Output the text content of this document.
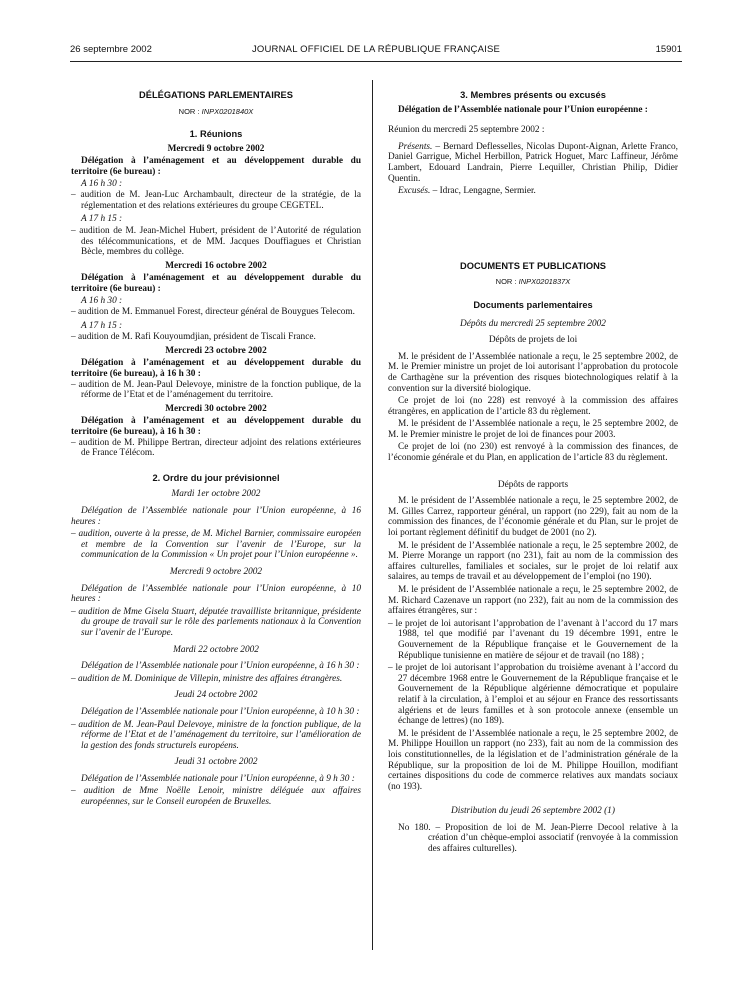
26 septembre 2002	JOURNAL OFFICIEL DE LA RÉPUBLIQUE FRANÇAISE	15901
DÉLÉGATIONS PARLEMENTAIRES
NOR : INPX0201840X
1. Réunions
Mercredi 9 octobre 2002

Délégation à l’aménagement et au développement durable du territoire (6e bureau) :

A 16 h 30 :

– audition de M. Jean-Luc Archambault, directeur de la stratégie, de la réglementation et des relations extérieures du groupe CEGETEL.

A 17 h 15 :

– audition de M. Jean-Michel Hubert, président de l’Autorité de régulation des télécommunications, et de MM. Jacques Douffiagues et Christian Bècle, membres du collège.

Mercredi 16 octobre 2002

Délégation à l’aménagement et au développement durable du territoire (6e bureau) :

A 16 h 30 :

– audition de M. Emmanuel Forest, directeur général de Bouygues Telecom.

A 17 h 15 :

– audition de M. Rafi Kouyoumdjian, président de Tiscali France.

Mercredi 23 octobre 2002

Délégation à l’aménagement et au développement durable du territoire (6e bureau), à 16 h 30 :

– audition de M. Jean-Paul Delevoye, ministre de la fonction publique, de la réforme de l’Etat et de l’aménagement du territoire.

Mercredi 30 octobre 2002

Délégation à l’aménagement et au développement durable du territoire (6e bureau), à 16 h 30 :

– audition de M. Philippe Bertran, directeur adjoint des relations extérieures de France Télécom.

2. Ordre du jour prévisionnel
Mardi 1er octobre 2002

Délégation de l’Assemblée nationale pour l’Union européenne, à 16 heures :

– audition, ouverte à la presse, de M. Michel Barnier, commissaire européen et membre de la Convention sur l’avenir de l’Europe, sur la communication de la Commission « Un projet pour l’Union européenne ».

Mercredi 9 octobre 2002

Délégation de l’Assemblée nationale pour l’Union européenne, à 10 heures :

– audition de Mme Gisela Stuart, députée travailliste britannique, présidente du groupe de travail sur le rôle des parlements nationaux à la Convention sur l’avenir de l’Europe.

Mardi 22 octobre 2002

Délégation de l’Assemblée nationale pour l’Union européenne, à 16 h 30 :

– audition de M. Dominique de Villepin, ministre des affaires étrangères.

Jeudi 24 octobre 2002

Délégation de l’Assemblée nationale pour l’Union européenne, à 10 h 30 :

– audition de M. Jean-Paul Delevoye, ministre de la fonction publique, de la réforme de l’Etat et de l’aménagement du territoire, sur l’amélioration de la gestion des fonds structurels européens.

Jeudi 31 octobre 2002

Délégation de l’Assemblée nationale pour l’Union européenne, à 9 h 30 :

– audition de Mme Noëlle Lenoir, ministre déléguée aux affaires européennes, sur le Conseil européen de Bruxelles.

3. Membres présents ou excusés

Délégation de l’Assemblée nationale pour l’Union européenne :

Réunion du mercredi 25 septembre 2002 :

Présents. – Bernard Deflesselles, Nicolas Dupont-Aignan, Arlette Franco, Daniel Garrigue, Michel Herbillon, Patrick Hoguet, Marc Laffineur, Jérôme Lambert, Edouard Landrain, Pierre Lequiller, Christian Philip, Didier Quentin.

Excusés. – Idrac, Lengagne, Sermier.

DOCUMENTS ET PUBLICATIONS
NOR : INPX0201837X
Documents parlementaires
Dépôts du mercredi 25 septembre 2002
Dépôts de projets de loi

M. le président de l’Assemblée nationale a reçu, le 25 septembre 2002, de M. le Premier ministre un projet de loi autorisant l’approbation du protocole de Carthagène sur la prévention des risques biotechnologiques relatif à la convention sur la diversité biologique.

Ce projet de loi (no 228) est renvoyé à la commission des affaires étrangères, en application de l’article 83 du règlement.

M. le président de l’Assemblée nationale a reçu, le 25 septembre 2002, de M. le Premier ministre le projet de loi de finances pour 2003.

Ce projet de loi (no 230) est renvoyé à la commission des finances, de l’économie générale et du Plan, en application de l’article 83 du règlement.

Dépôts de rapports

M. le président de l’Assemblée nationale a reçu, le 25 septembre 2002, de M. Gilles Carrez, rapporteur général, un rapport (no 229), fait au nom de la commission des finances, de l’économie générale et du Plan, sur le projet de loi portant règlement définitif du budget de 2001 (no 2).

M. le président de l’Assemblée nationale a reçu, le 25 septembre 2002, de M. Pierre Morange un rapport (no 231), fait au nom de la commission des affaires culturelles, familiales et sociales, sur le projet de loi relatif aux salaires, au temps de travail et au développement de l’emploi (no 190).

M. le président de l’Assemblée nationale a reçu, le 25 septembre 2002, de M. Richard Cazenave un rapport (no 232), fait au nom de la commission des affaires étrangères, sur :

– le projet de loi autorisant l’approbation de l’avenant à l’accord du 17 mars 1988, tel que modifié par l’avenant du 19 décembre 1991, entre le Gouvernement de la République française et le Gouvernement de la République tunisienne en matière de séjour et de travail (no 188) ;

– le projet de loi autorisant l’approbation du troisième avenant à l’accord du 27 décembre 1968 entre le Gouvernement de la République française et le Gouvernement de la République algérienne démocratique et populaire relatif à la circulation, à l’emploi et au séjour en France des ressortissants algériens et de leurs familles et à son protocole annexe (ensemble un échange de lettres) (no 189).

M. le président de l’Assemblée nationale a reçu, le 25 septembre 2002, de M. Philippe Houillon un rapport (no 233), fait au nom de la commission des lois constitutionnelles, de la législation et de l’administration générale de la République, sur la proposition de loi de M. Philippe Houillon, modifiant certaines dispositions du code de commerce relatives aux mandats sociaux (no 193).

Distribution du jeudi 26 septembre 2002 (1)

No 180. – Proposition de loi de M. Jean-Pierre Decool relative à la création d’un chèque-emploi associatif (renvoyée à la commission des affaires culturelles).
